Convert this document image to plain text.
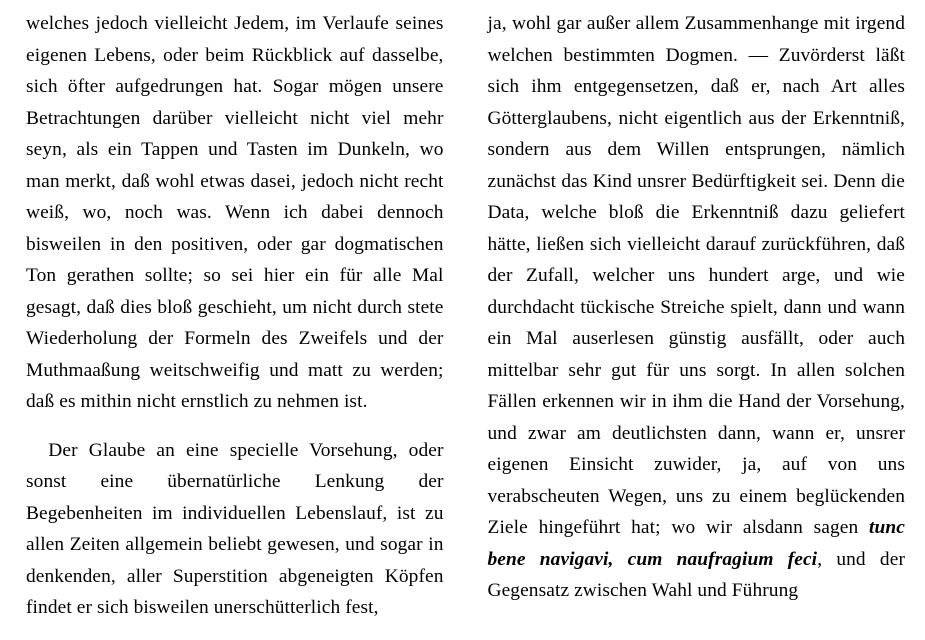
welches jedoch vielleicht Jedem, im Verlaufe seines eigenen Lebens, oder beim Rückblick auf dasselbe, sich öfter aufgedrungen hat. Sogar mögen unsere Betrachtungen darüber vielleicht nicht viel mehr seyn, als ein Tappen und Tasten im Dunkeln, wo man merkt, daß wohl etwas dasei, jedoch nicht recht weiß, wo, noch was. Wenn ich dabei dennoch bisweilen in den positiven, oder gar dogmatischen Ton gerathen sollte; so sei hier ein für alle Mal gesagt, daß dies bloß geschieht, um nicht durch stete Wiederholung der Formeln des Zweifels und der Muthmaaßung weitschweifig und matt zu werden; daß es mithin nicht ernstlich zu nehmen ist.

Der Glaube an eine specielle Vorsehung, oder sonst eine übernatürliche Lenkung der Begebenheiten im individuellen Lebenslauf, ist zu allen Zeiten allgemein beliebt gewesen, und sogar in denkenden, aller Superstition abgeneigten Köpfen findet er sich bisweilen unerschütterlich fest,

ja, wohl gar außer allem Zusammenhange mit irgend welchen bestimmten Dogmen. — Zuvörderst läßt sich ihm entgegensetzen, daß er, nach Art alles Götterglaubens, nicht eigentlich aus der Erkenntniß, sondern aus dem Willen entsprungen, nämlich zunächst das Kind unsrer Bedürftigkeit sei. Denn die Data, welche bloß die Erkenntniß dazu geliefert hätte, ließen sich vielleicht darauf zurückführen, daß der Zufall, welcher uns hundert arge, und wie durchdacht tückische Streiche spielt, dann und wann ein Mal auserlesen günstig ausfällt, oder auch mittelbar sehr gut für uns sorgt. In allen solchen Fällen erkennen wir in ihm die Hand der Vorsehung, und zwar am deutlichsten dann, wann er, unsrer eigenen Einsicht zuwider, ja, auf von uns verabscheuten Wegen, uns zu einem beglückenden Ziele hingeführt hat; wo wir alsdann sagen tunc bene navigavi, cum naufragium feci, und der Gegensatz zwischen Wahl und Führung
